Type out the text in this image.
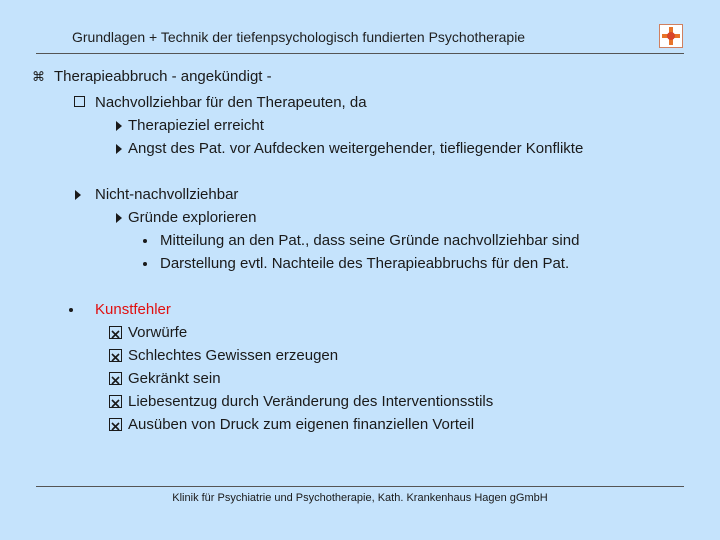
Grundlagen + Technik der tiefenpsychologisch fundierten Psychotherapie
⌘ Therapieabbruch - angekündigt -
Nachvollziehbar für den Therapeuten, da
Therapieziel erreicht
Angst des Pat. vor Aufdecken weitergehender, tiefliegender Konflikte
Nicht-nachvollziehbar
Gründe explorieren
Mitteilung an den Pat., dass seine Gründe nachvollziehbar sind
Darstellung evtl. Nachteile des Therapieabbruchs für den Pat.
Kunstfehler
Vorwürfe
Schlechtes Gewissen erzeugen
Gekränkt sein
Liebesentzug durch Veränderung des Interventionsstils
Ausüben von Druck zum eigenen finanziellen Vorteil
Klinik für Psychiatrie und Psychotherapie, Kath. Krankenhaus Hagen gGmbH
